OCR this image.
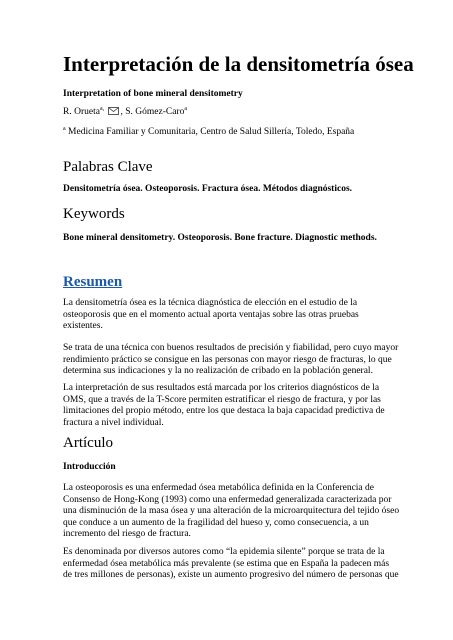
Interpretación de la densitometría ósea
Interpretation of bone mineral densitometry
R. Orueta$^{a,}$ , S. Gómez-Caro$^a$
$^a$ Medicina Familiar y Comunitaria, Centro de Salud Sillería, Toledo, España
Palabras Clave
Densitometría ósea. Osteoporosis. Fractura ósea. Métodos diagnósticos.
Keywords
Bone mineral densitometry. Osteoporosis. Bone fracture. Diagnostic methods.
Resumen

La densitometría ósea es la técnica diagnóstica de elección en el estudio de la
osteoporosis que en el momento actual aporta ventajas sobre las otras pruebas
existentes.

Se trata de una técnica con buenos resultados de precisión y fiabilidad, pero cuyo mayor
rendimiento práctico se consigue en las personas con mayor riesgo de fracturas, lo que
determina sus indicaciones y la no realización de cribado en la población general.

La interpretación de sus resultados está marcada por los criterios diagnósticos de la
OMS, que a través de la T-Score permiten estratificar el riesgo de fractura, y por las
limitaciones del propio método, entre los que destaca la baja capacidad predictiva de
fractura a nivel individual.

Artículo
Introducción

La osteoporosis es una enfermedad ósea metabólica definida en la Conferencia de
Consenso de Hong-Kong (1993) como una enfermedad generalizada caracterizada por
una disminución de la masa ósea y una alteración de la microarquitectura del tejido óseo
que conduce a un aumento de la fragilidad del hueso y, como consecuencia, a un
incremento del riesgo de fractura.

Es denominada por diversos autores como “la epidemia silente” porque se trata de la
enfermedad ósea metabólica más prevalente (se estima que en España la padecen más
de tres millones de personas), existe un aumento progresivo del número de personas que
